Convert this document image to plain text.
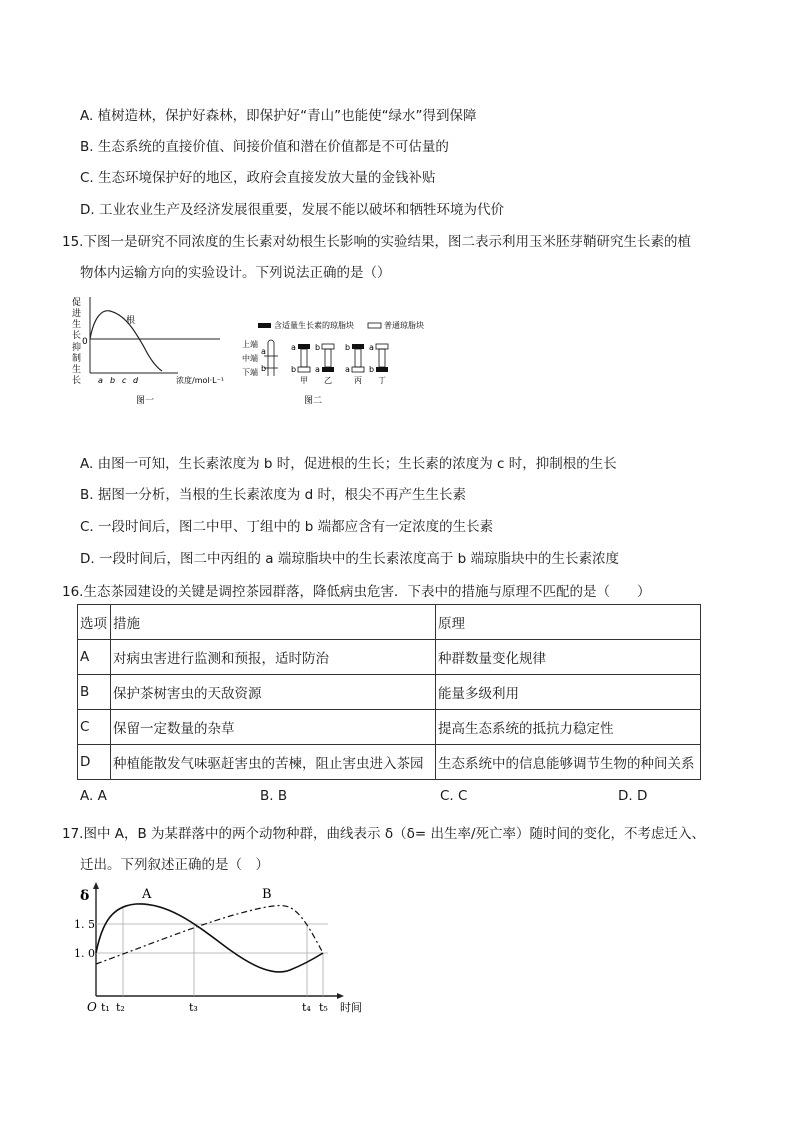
A. 植树造林，保护好森林，即保护好“青山”也能使“绿水”得到保障
B. 生态系统的直接价值、间接价值和潜在价值都是不可估量的
C. 生态环境保护好的地区，政府会直接发放大量的金钱补贴
D. 工业农业生产及经济发展很重要，发展不能以破坏和牺牲环境为代价
15.下图一是研究不同浓度的生长素对幼根生长影响的实验结果，图二表示利用玉米胚芽鞘研究生长素的植
物体内运输方向的实验设计。下列说法正确的是（）
促
进
生
长
0
抑
制
生
长
根
a b c d	浓度/mol·L⁻¹
图一
含适量生长素的琼脂块	普通琼脂块
上端
中端
下端
a
b
a
b
b
a
b
a
a
b
甲 乙	丙 丁
图二
A. 由图一可知，生长素浓度为 b 时，促进根的生长；生长素的浓度为 c 时，抑制根的生长
B. 据图一分析，当根的生长素浓度为 d 时，根尖不再产生生长素
C. 一段时间后，图二中甲、丁组中的 b 端都应含有一定浓度的生长素
D. 一段时间后，图二中丙组的 a 端琼脂块中的生长素浓度高于 b 端琼脂块中的生长素浓度
16.生态茶园建设的关键是调控茶园群落，降低病虫危害．下表中的措施与原理不匹配的是（　　）
选项	措施	原理
A	对病虫害进行监测和预报，适时防治	种群数量变化规律
B	保护茶树害虫的天敌资源	能量多级利用
C	保留一定数量的杂草	提高生态系统的抵抗力稳定性
D	种植能散发气味驱赶害虫的苦楝，阻止害虫进入茶园	生态系统中的信息能够调节生物的种间关系
A. A	B. B	C. C	D. D
17.图中 A，B 为某群落中的两个动物种群，曲线表示 δ（δ= 出生率/死亡率）随时间的变化，不考虑迁入、
迁出。下列叙述正确的是（　）
δ
1. 5
1. 0
A	B
O t₁ t₂	t₃	t₄ t₅ 时间
